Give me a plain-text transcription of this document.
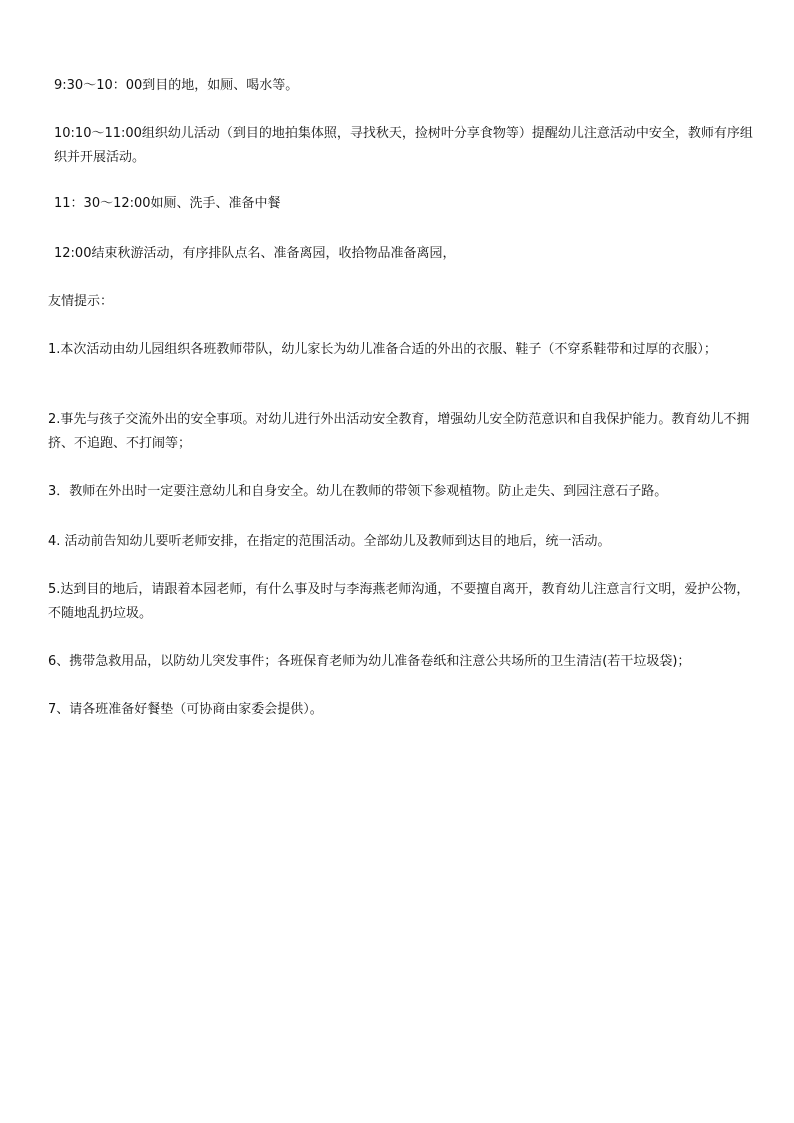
9:30～10：00到目的地，如厕、喝水等。

10:10～11:00组织幼儿活动（到目的地拍集体照，寻找秋天，捡树叶分享食物等）提醒幼儿注意活动中安全，教师有序组织并开展活动。

11：30～12:00如厕、洗手、准备中餐

12:00结束秋游活动，有序排队点名、准备离园，收拾物品准备离园，

友情提示：

1.本次活动由幼儿园组织各班教师带队，幼儿家长为幼儿准备合适的外出的衣服、鞋子（不穿系鞋带和过厚的衣服）；

2.事先与孩子交流外出的安全事项。对幼儿进行外出活动安全教育，增强幼儿安全防范意识和自我保护能力。教育幼儿不拥挤、不追跑、不打闹等；

3．教师在外出时一定要注意幼儿和自身安全。幼儿在教师的带领下参观植物。防止走失、到园注意石子路。

4. 活动前告知幼儿要听老师安排，在指定的范围活动。全部幼儿及教师到达目的地后，统一活动。

5.达到目的地后，请跟着本园老师，有什么事及时与李海燕老师沟通，不要擅自离开，教育幼儿注意言行文明，爱护公物，不随地乱扔垃圾。

6、携带急救用品，以防幼儿突发事件；各班保育老师为幼儿准备卷纸和注意公共场所的卫生清洁(若干垃圾袋)；

7、请各班准备好餐垫（可协商由家委会提供）。
